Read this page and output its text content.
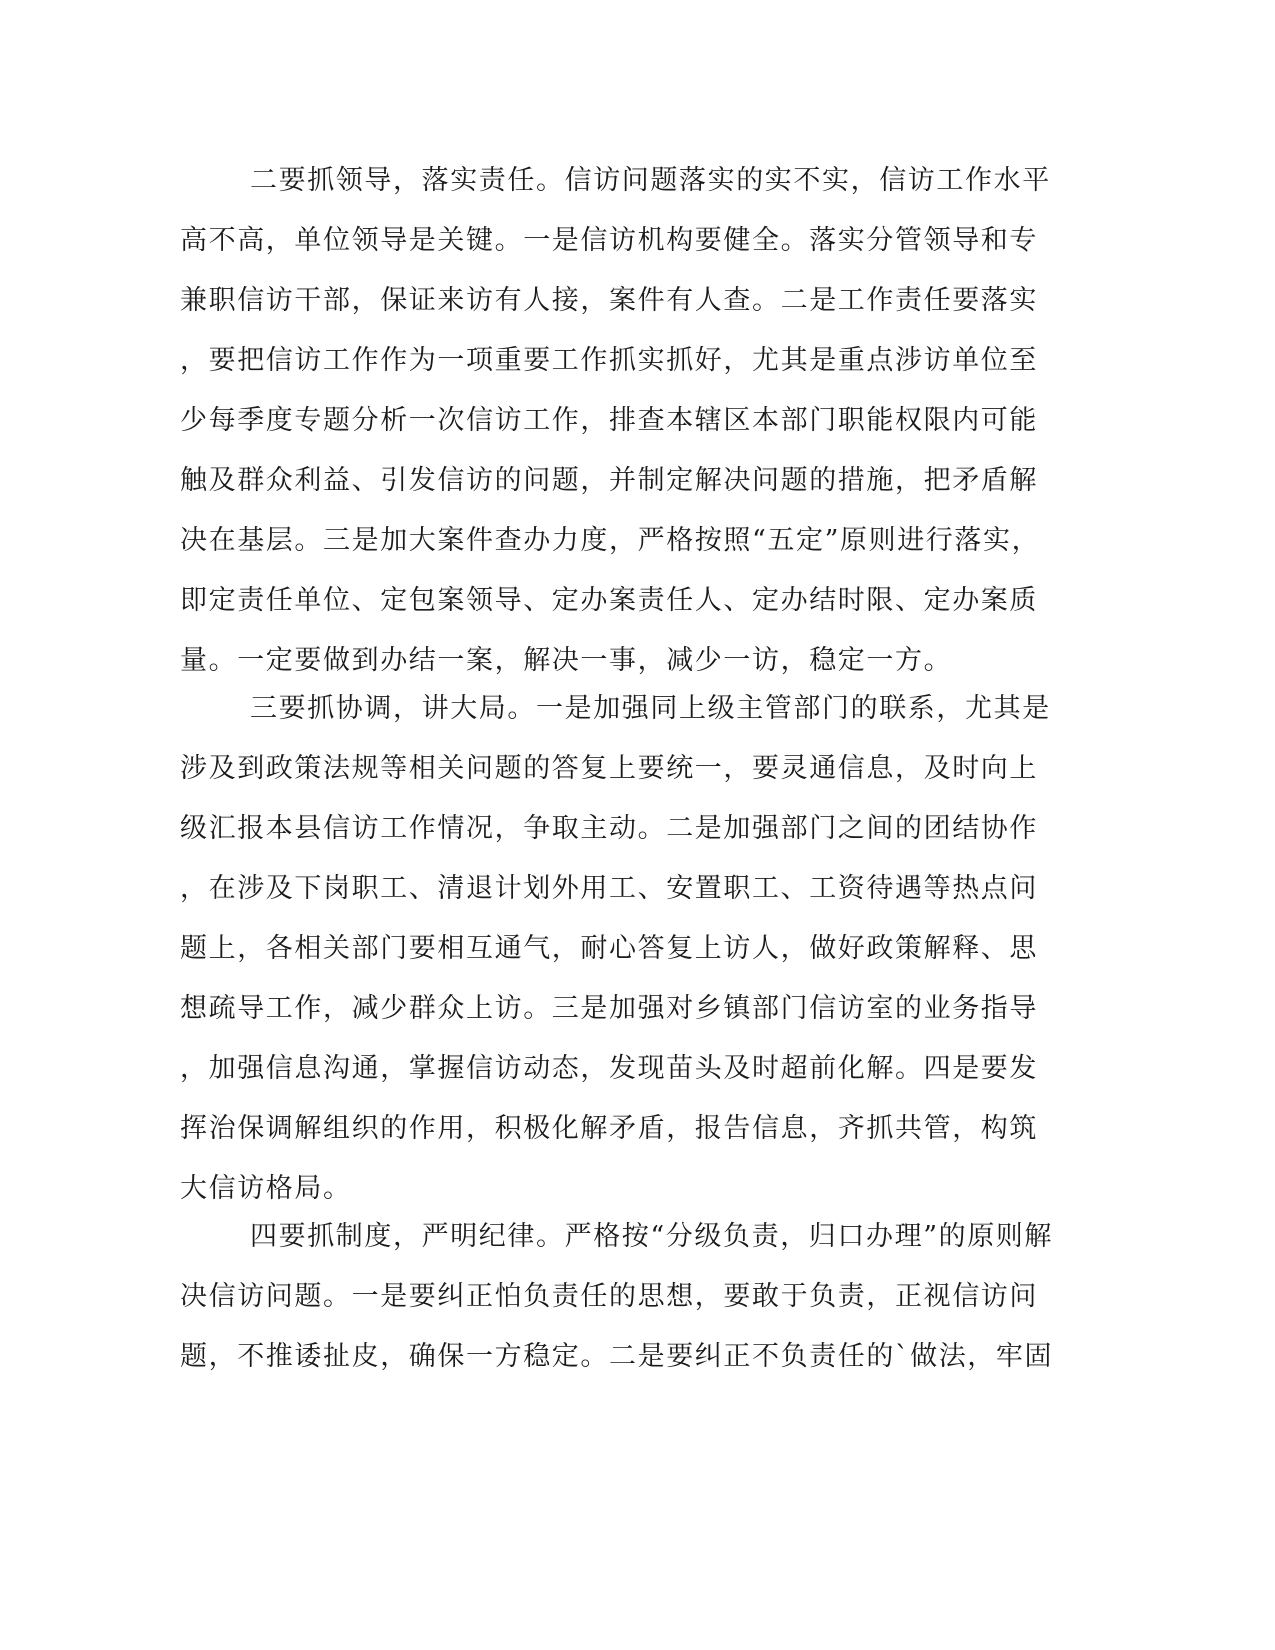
二要抓领导，落实责任。信访问题落实的实不实，信访工作水平
高不高，单位领导是关键。一是信访机构要健全。落实分管领导和专
兼职信访干部，保证来访有人接，案件有人查。二是工作责任要落实
，要把信访工作作为一项重要工作抓实抓好，尤其是重点涉访单位至
少每季度专题分析一次信访工作，排查本辖区本部门职能权限内可能
触及群众利益、引发信访的问题，并制定解决问题的措施，把矛盾解
决在基层。三是加大案件查办力度，严格按照“五定”原则进行落实，
即定责任单位、定包案领导、定办案责任人、定办结时限、定办案质
量。一定要做到办结一案，解决一事，减少一访，稳定一方。
三要抓协调，讲大局。一是加强同上级主管部门的联系，尤其是
涉及到政策法规等相关问题的答复上要统一，要灵通信息，及时向上
级汇报本县信访工作情况，争取主动。二是加强部门之间的团结协作
，在涉及下岗职工、清退计划外用工、安置职工、工资待遇等热点问
题上，各相关部门要相互通气，耐心答复上访人，做好政策解释、思
想疏导工作，减少群众上访。三是加强对乡镇部门信访室的业务指导
，加强信息沟通，掌握信访动态，发现苗头及时超前化解。四是要发
挥治保调解组织的作用，积极化解矛盾，报告信息，齐抓共管，构筑
大信访格局。
四要抓制度，严明纪律。严格按“分级负责，归口办理”的原则解
决信访问题。一是要纠正怕负责任的思想，要敢于负责，正视信访问
题，不推诿扯皮，确保一方稳定。二是要纠正不负责任的`做法，牢固
